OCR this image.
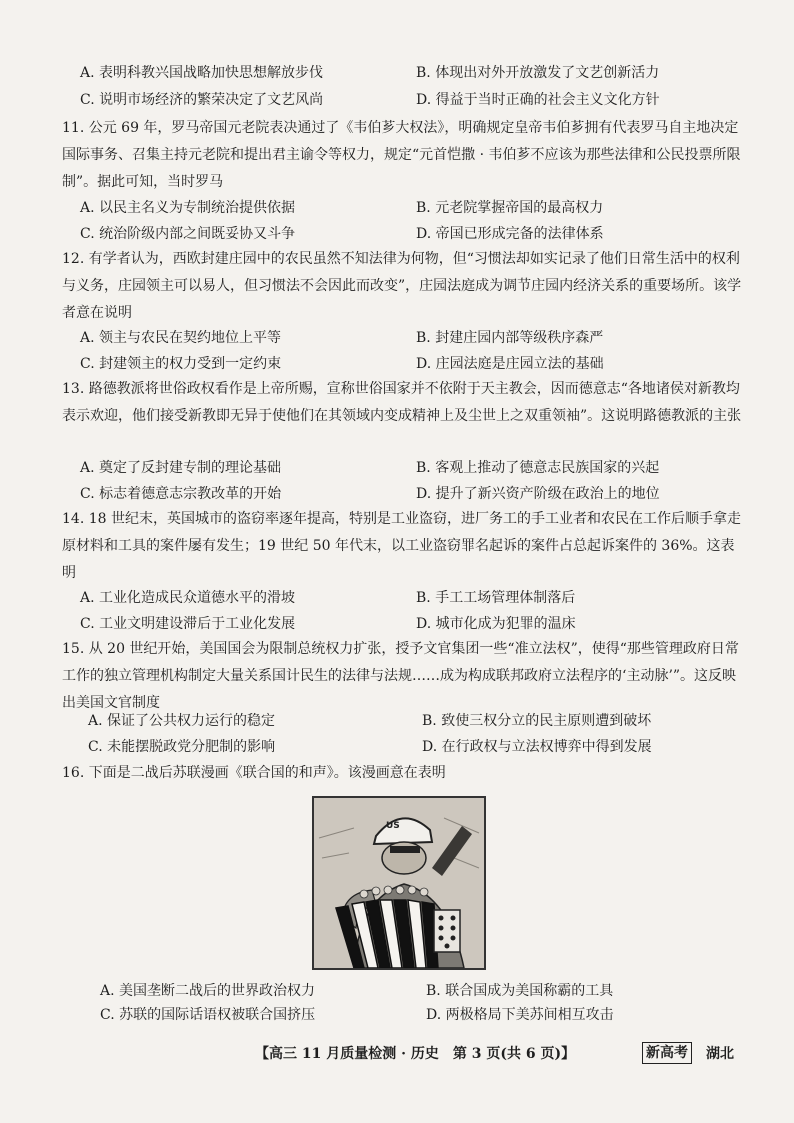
A. 表明科教兴国战略加快思想解放步伐	B. 体现出对外开放激发了文艺创新活力
C. 说明市场经济的繁荣决定了文艺风尚	D. 得益于当时正确的社会主义文化方针

11. 公元 69 年，罗马帝国元老院表决通过了《韦伯芗大权法》，明确规定皇帝韦伯芗拥有代表罗马自主地决定国际事务、召集主持元老院和提出君主谕令等权力，规定“元首恺撒 · 韦伯芗不应该为那些法律和公民投票所限制”。据此可知，当时罗马

A. 以民主名义为专制统治提供依据	B. 元老院掌握帝国的最高权力
C. 统治阶级内部之间既妥协又斗争	D. 帝国已形成完备的法律体系

12. 有学者认为，西欧封建庄园中的农民虽然不知法律为何物，但“习惯法却如实记录了他们日常生活中的权利与义务，庄园领主可以易人，但习惯法不会因此而改变”，庄园法庭成为调节庄园内经济关系的重要场所。该学者意在说明

A. 领主与农民在契约地位上平等	B. 封建庄园内部等级秩序森严
C. 封建领主的权力受到一定约束	D. 庄园法庭是庄园立法的基础

13. 路德教派将世俗政权看作是上帝所赐，宣称世俗国家并不依附于天主教会，因而德意志“各地诸侯对新教均表示欢迎，他们接受新教即无异于使他们在其领域内变成精神上及尘世上之双重领袖”。这说明路德教派的主张

A. 奠定了反封建专制的理论基础	B. 客观上推动了德意志民族国家的兴起
C. 标志着德意志宗教改革的开始	D. 提升了新兴资产阶级在政治上的地位

14. 18 世纪末，英国城市的盗窃率逐年提高，特别是工业盗窃，进厂务工的手工业者和农民在工作后顺手拿走原材料和工具的案件屡有发生；19 世纪 50 年代末，以工业盗窃罪名起诉的案件占总起诉案件的 36%。这表明

A. 工业化造成民众道德水平的滑坡	B. 手工工场管理体制落后
C. 工业文明建设滞后于工业化发展	D. 城市化成为犯罪的温床

15. 从 20 世纪开始，美国国会为限制总统权力扩张，授予文官集团一些“准立法权”，使得“那些管理政府日常工作的独立管理机构制定大量关系国计民生的法律与法规……成为构成联邦政府立法程序的‘主动脉’”。这反映出美国文官制度

A. 保证了公共权力运行的稳定	B. 致使三权分立的民主原则遭到破坏
C. 未能摆脱政党分肥制的影响	D. 在行政权与立法权博弈中得到发展

16. 下面是二战后苏联漫画《联合国的和声》。该漫画意在表明

US
A. 美国垄断二战后的世界政治权力	B. 联合国成为美国称霸的工具
C. 苏联的国际话语权被联合国挤压	D. 两极格局下美苏间相互攻击
【高三 11 月质量检测 · 历史　第 3 页(共 6 页)】	新高考 湖北
